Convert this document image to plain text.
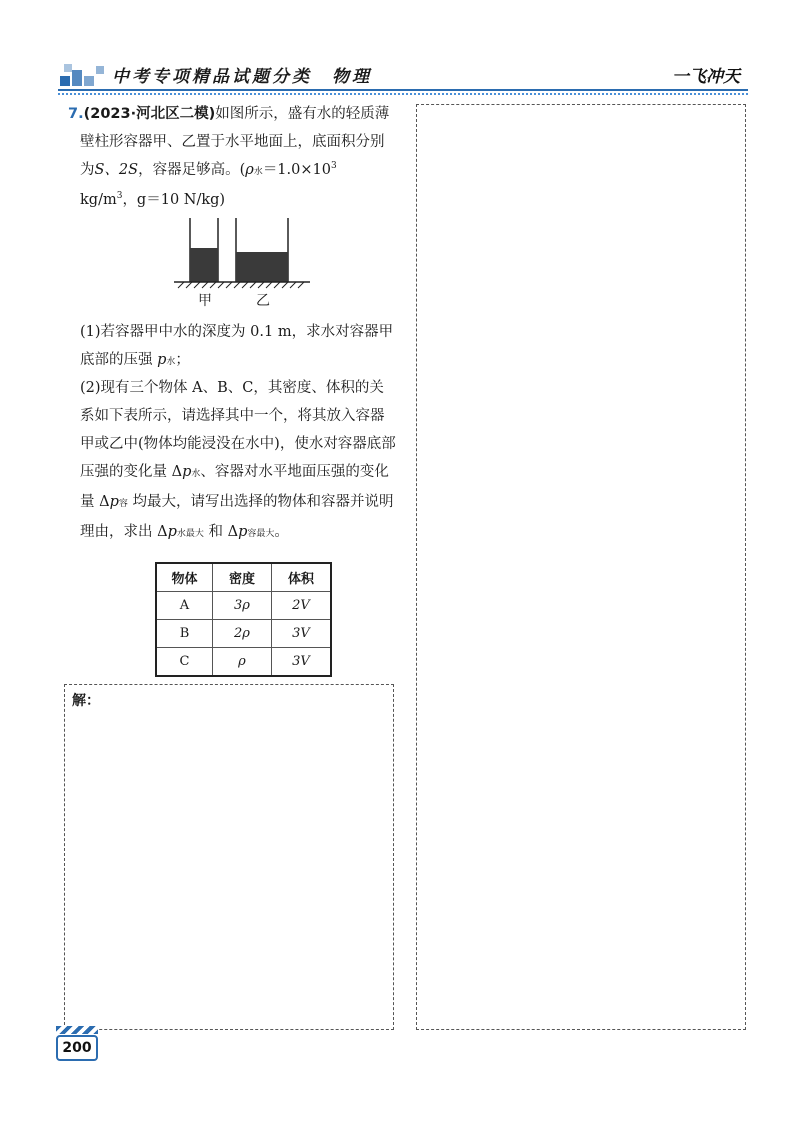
中考专项精品试题分类　物理	一飞冲天
7.(2023·河北区二模)如图所示，盛有水的轻质薄壁柱形容器甲、乙置于水平地面上，底面积分别为S、2S，容器足够高。(ρ水$=1.0\times 10^3$ $kg/m^3$，g＝10 N/kg)
甲	乙
(1)若容器甲中水的深度为 0.1 m，求水对容器甲底部的压强 p水；
(2)现有三个物体 A、B、C，其密度、体积的关系如下表所示，请选择其中一个，将其放入容器甲或乙中(物体均能浸没在水中)，使水对容器底部压强的变化量 Δp水、容器对水平地面压强的变化量 Δp容 均最大，请写出选择的物体和容器并说明理由，求出 Δp水最大 和 Δp容最大。
物体	密度	体积
A	3ρ	2V
B	2ρ	3V
C	ρ	3V
解：
200
